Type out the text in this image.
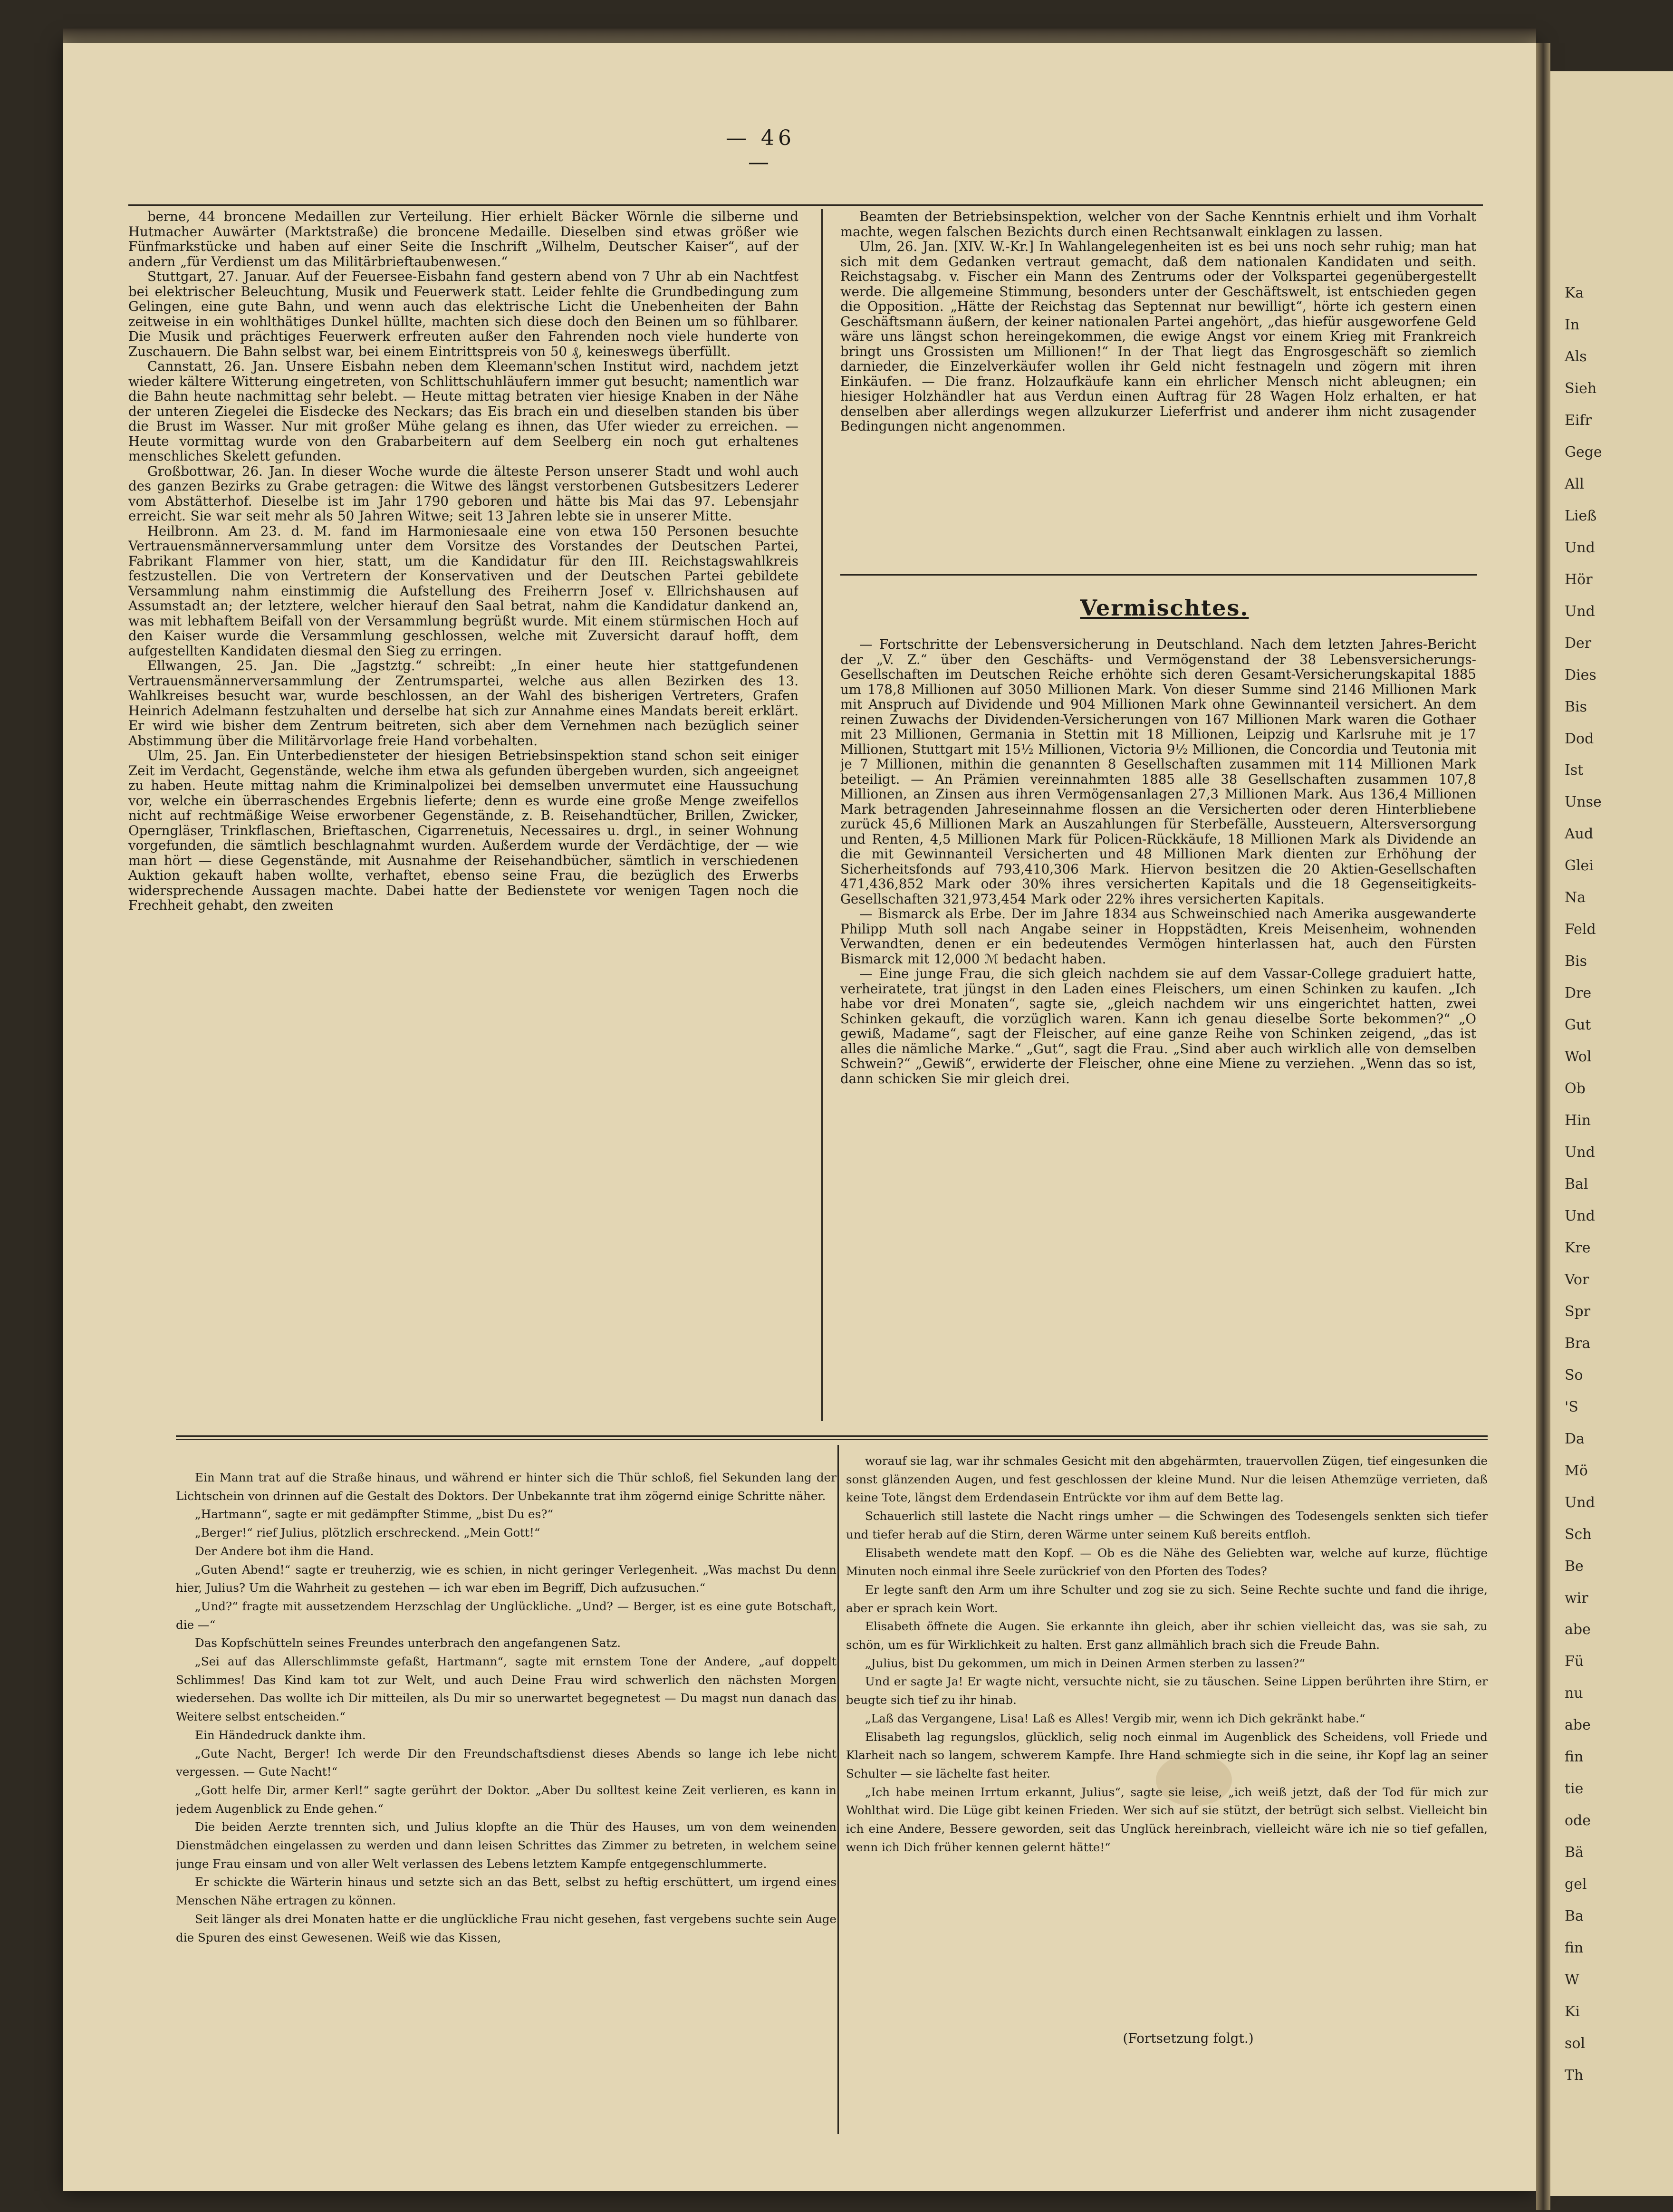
— 46 —

berne, 44 broncene Medaillen zur Verteilung. Hier erhielt Bäcker Wörnle die silberne und Hutmacher Auwärter (Marktstraße) die broncene Medaille. Dieselben sind etwas größer wie Fünfmarkstücke und haben auf einer Seite die Inschrift „Wilhelm, Deutscher Kaiser“, auf der andern „für Verdienst um das Militärbrieftaubenwesen.“

Stuttgart, 27. Januar. Auf der Feuersee-Eisbahn fand gestern abend von 7 Uhr ab ein Nachtfest bei elektrischer Beleuchtung, Musik und Feuerwerk statt. Leider fehlte die Grundbedingung zum Gelingen, eine gute Bahn, und wenn auch das elektrische Licht die Unebenheiten der Bahn zeitweise in ein wohlthätiges Dunkel hüllte, machten sich diese doch den Beinen um so fühlbarer. Die Musik und prächtiges Feuerwerk erfreuten außer den Fahrenden noch viele hunderte von Zuschauern. Die Bahn selbst war, bei einem Eintrittspreis von 50 ₰, keineswegs überfüllt.

Cannstatt, 26. Jan. Unsere Eisbahn neben dem Kleemann'schen Institut wird, nachdem jetzt wieder kältere Witterung eingetreten, von Schlittschuhläufern immer gut besucht; namentlich war die Bahn heute nachmittag sehr belebt. — Heute mittag betraten vier hiesige Knaben in der Nähe der unteren Ziegelei die Eisdecke des Neckars; das Eis brach ein und dieselben standen bis über die Brust im Wasser. Nur mit großer Mühe gelang es ihnen, das Ufer wieder zu erreichen. — Heute vormittag wurde von den Grabarbeitern auf dem Seelberg ein noch gut erhaltenes menschliches Skelett gefunden.

Großbottwar, 26. Jan. In dieser Woche wurde die älteste Person unserer Stadt und wohl auch des ganzen Bezirks zu Grabe getragen: die Witwe des längst verstorbenen Gutsbesitzers Lederer vom Abstätterhof. Dieselbe ist im Jahr 1790 geboren und hätte bis Mai das 97. Lebensjahr erreicht. Sie war seit mehr als 50 Jahren Witwe; seit 13 Jahren lebte sie in unserer Mitte.

Heilbronn. Am 23. d. M. fand im Harmoniesaale eine von etwa 150 Personen besuchte Vertrauensmännerversammlung unter dem Vorsitze des Vorstandes der Deutschen Partei, Fabrikant Flammer von hier, statt, um die Kandidatur für den III. Reichstagswahlkreis festzustellen. Die von Vertretern der Konservativen und der Deutschen Partei gebildete Versammlung nahm einstimmig die Aufstellung des Freiherrn Josef v. Ellrichshausen auf Assumstadt an; der letztere, welcher hierauf den Saal betrat, nahm die Kandidatur dankend an, was mit lebhaftem Beifall von der Versammlung begrüßt wurde. Mit einem stürmischen Hoch auf den Kaiser wurde die Versammlung geschlossen, welche mit Zuversicht darauf hofft, dem aufgestellten Kandidaten diesmal den Sieg zu erringen.

Ellwangen, 25. Jan. Die „Jagstztg.“ schreibt: „In einer heute hier stattgefundenen Vertrauensmännerversammlung der Zentrumspartei, welche aus allen Bezirken des 13. Wahlkreises besucht war, wurde beschlossen, an der Wahl des bisherigen Vertreters, Grafen Heinrich Adelmann festzuhalten und derselbe hat sich zur Annahme eines Mandats bereit erklärt. Er wird wie bisher dem Zentrum beitreten, sich aber dem Vernehmen nach bezüglich seiner Abstimmung über die Militärvorlage freie Hand vorbehalten.

Ulm, 25. Jan. Ein Unterbediensteter der hiesigen Betriebsinspektion stand schon seit einiger Zeit im Verdacht, Gegenstände, welche ihm etwa als gefunden übergeben wurden, sich angeeignet zu haben. Heute mittag nahm die Kriminalpolizei bei demselben unvermutet eine Haussuchung vor, welche ein überraschendes Ergebnis lieferte; denn es wurde eine große Menge zweifellos nicht auf rechtmäßige Weise erworbener Gegenstände, z. B. Reisehandtücher, Brillen, Zwicker, Operngläser, Trinkflaschen, Brieftaschen, Cigarrenetuis, Necessaires u. drgl., in seiner Wohnung vorgefunden, die sämtlich beschlagnahmt wurden. Außerdem wurde der Verdächtige, der — wie man hört — diese Gegenstände, mit Ausnahme der Reisehandbücher, sämtlich in verschiedenen Auktion gekauft haben wollte, verhaftet, ebenso seine Frau, die bezüglich des Erwerbs widersprechende Aussagen machte. Dabei hatte der Bedienstete vor wenigen Tagen noch die Frechheit gehabt, den zweiten

Beamten der Betriebsinspektion, welcher von der Sache Kenntnis erhielt und ihm Vorhalt machte, wegen falschen Bezichts durch einen Rechtsanwalt einklagen zu lassen.

Ulm, 26. Jan. [XIV. W.-Kr.] In Wahlangelegenheiten ist es bei uns noch sehr ruhig; man hat sich mit dem Gedanken vertraut gemacht, daß dem nationalen Kandidaten und seith. Reichstagsabg. v. Fischer ein Mann des Zentrums oder der Volkspartei gegenübergestellt werde. Die allgemeine Stimmung, besonders unter der Geschäftswelt, ist entschieden gegen die Opposition. „Hätte der Reichstag das Septennat nur bewilligt“, hörte ich gestern einen Geschäftsmann äußern, der keiner nationalen Partei angehört, „das hiefür ausgeworfene Geld wäre uns längst schon hereingekommen, die ewige Angst vor einem Krieg mit Frankreich bringt uns Grossisten um Millionen!“ In der That liegt das Engrosgeschäft so ziemlich darnieder, die Einzelverkäufer wollen ihr Geld nicht festnageln und zögern mit ihren Einkäufen. — Die franz. Holzaufkäufe kann ein ehrlicher Mensch nicht ableugnen; ein hiesiger Holzhändler hat aus Verdun einen Auftrag für 28 Wagen Holz erhalten, er hat denselben aber allerdings wegen allzukurzer Lieferfrist und anderer ihm nicht zusagender Bedingungen nicht angenommen.

Vermischtes.

— Fortschritte der Lebensversicherung in Deutschland. Nach dem letzten Jahres-Bericht der „V. Z.“ über den Geschäfts- und Vermögenstand der 38 Lebensversicherungs-Gesellschaften im Deutschen Reiche erhöhte sich deren Gesamt-Versicherungskapital 1885 um 178,8 Millionen auf 3050 Millionen Mark. Von dieser Summe sind 2146 Millionen Mark mit Anspruch auf Dividende und 904 Millionen Mark ohne Gewinnanteil versichert. An dem reinen Zuwachs der Dividenden-Versicherungen von 167 Millionen Mark waren die Gothaer mit 23 Millionen, Germania in Stettin mit 18 Millionen, Leipzig und Karlsruhe mit je 17 Millionen, Stuttgart mit 15½ Millionen, Victoria 9½ Millionen, die Concordia und Teutonia mit je 7 Millionen, mithin die genannten 8 Gesellschaften zusammen mit 114 Millionen Mark beteiligt. — An Prämien vereinnahmten 1885 alle 38 Gesellschaften zusammen 107,8 Millionen, an Zinsen aus ihren Vermögensanlagen 27,3 Millionen Mark. Aus 136,4 Millionen Mark betragenden Jahreseinnahme flossen an die Versicherten oder deren Hinterbliebene zurück 45,6 Millionen Mark an Auszahlungen für Sterbefälle, Aussteuern, Altersversorgung und Renten, 4,5 Millionen Mark für Policen-Rückkäufe, 18 Millionen Mark als Dividende an die mit Gewinnanteil Versicherten und 48 Millionen Mark dienten zur Erhöhung der Sicherheitsfonds auf 793,410,306 Mark. Hiervon besitzen die 20 Aktien-Gesellschaften 471,436,852 Mark oder 30% ihres versicherten Kapitals und die 18 Gegenseitigkeits-Gesellschaften 321,973,454 Mark oder 22% ihres versicherten Kapitals.

— Bismarck als Erbe. Der im Jahre 1834 aus Schweinschied nach Amerika ausgewanderte Philipp Muth soll nach Angabe seiner in Hoppstädten, Kreis Meisenheim, wohnenden Verwandten, denen er ein bedeutendes Vermögen hinterlassen hat, auch den Fürsten Bismarck mit 12,000 ℳ bedacht haben.

— Eine junge Frau, die sich gleich nachdem sie auf dem Vassar-College graduiert hatte, verheiratete, trat jüngst in den Laden eines Fleischers, um einen Schinken zu kaufen. „Ich habe vor drei Monaten“, sagte sie, „gleich nachdem wir uns eingerichtet hatten, zwei Schinken gekauft, die vorzüglich waren. Kann ich genau dieselbe Sorte bekommen?“ „O gewiß, Madame“, sagt der Fleischer, auf eine ganze Reihe von Schinken zeigend, „das ist alles die nämliche Marke.“ „Gut“, sagt die Frau. „Sind aber auch wirklich alle von demselben Schwein?“ „Gewiß“, erwiderte der Fleischer, ohne eine Miene zu verziehen. „Wenn das so ist, dann schicken Sie mir gleich drei.

Ein Mann trat auf die Straße hinaus, und während er hinter sich die Thür schloß, fiel Sekunden lang der Lichtschein von drinnen auf die Gestalt des Doktors. Der Unbekannte trat ihm zögernd einige Schritte näher.

„Hartmann“, sagte er mit gedämpfter Stimme, „bist Du es?“

„Berger!“ rief Julius, plötzlich erschreckend. „Mein Gott!“

Der Andere bot ihm die Hand.

„Guten Abend!“ sagte er treuherzig, wie es schien, in nicht geringer Verlegenheit. „Was machst Du denn hier, Julius? Um die Wahrheit zu gestehen — ich war eben im Begriff, Dich aufzusuchen.“

„Und?“ fragte mit aussetzendem Herzschlag der Unglückliche. „Und? — Berger, ist es eine gute Botschaft, die —“

Das Kopfschütteln seines Freundes unterbrach den angefangenen Satz.

„Sei auf das Allerschlimmste gefaßt, Hartmann“, sagte mit ernstem Tone der Andere, „auf doppelt Schlimmes! Das Kind kam tot zur Welt, und auch Deine Frau wird schwerlich den nächsten Morgen wiedersehen. Das wollte ich Dir mitteilen, als Du mir so unerwartet begegnetest — Du magst nun danach das Weitere selbst entscheiden.“

Ein Händedruck dankte ihm.

„Gute Nacht, Berger! Ich werde Dir den Freundschaftsdienst dieses Abends so lange ich lebe nicht vergessen. — Gute Nacht!“

„Gott helfe Dir, armer Kerl!“ sagte gerührt der Doktor. „Aber Du solltest keine Zeit verlieren, es kann in jedem Augenblick zu Ende gehen.“

Die beiden Aerzte trennten sich, und Julius klopfte an die Thür des Hauses, um von dem weinenden Dienstmädchen eingelassen zu werden und dann leisen Schrittes das Zimmer zu betreten, in welchem seine junge Frau einsam und von aller Welt verlassen des Lebens letztem Kampfe entgegenschlummerte.

Er schickte die Wärterin hinaus und setzte sich an das Bett, selbst zu heftig erschüttert, um irgend eines Menschen Nähe ertragen zu können.

Seit länger als drei Monaten hatte er die unglückliche Frau nicht gesehen, fast vergebens suchte sein Auge die Spuren des einst Gewesenen. Weiß wie das Kissen,

worauf sie lag, war ihr schmales Gesicht mit den abgehärmten, trauervollen Zügen, tief eingesunken die sonst glänzenden Augen, und fest geschlossen der kleine Mund. Nur die leisen Athemzüge verrieten, daß keine Tote, längst dem Erdendasein Entrückte vor ihm auf dem Bette lag.

Schauerlich still lastete die Nacht rings umher — die Schwingen des Todesengels senkten sich tiefer und tiefer herab auf die Stirn, deren Wärme unter seinem Kuß bereits entfloh.

Elisabeth wendete matt den Kopf. — Ob es die Nähe des Geliebten war, welche auf kurze, flüchtige Minuten noch einmal ihre Seele zurückrief von den Pforten des Todes?

Er legte sanft den Arm um ihre Schulter und zog sie zu sich. Seine Rechte suchte und fand die ihrige, aber er sprach kein Wort.

Elisabeth öffnete die Augen. Sie erkannte ihn gleich, aber ihr schien vielleicht das, was sie sah, zu schön, um es für Wirklichkeit zu halten. Erst ganz allmählich brach sich die Freude Bahn.

„Julius, bist Du gekommen, um mich in Deinen Armen sterben zu lassen?“

Und er sagte Ja! Er wagte nicht, versuchte nicht, sie zu täuschen. Seine Lippen berührten ihre Stirn, er beugte sich tief zu ihr hinab.

„Laß das Vergangene, Lisa! Laß es Alles! Vergib mir, wenn ich Dich gekränkt habe.“

Elisabeth lag regungslos, glücklich, selig noch einmal im Augenblick des Scheidens, voll Friede und Klarheit nach so langem, schwerem Kampfe. Ihre Hand schmiegte sich in die seine, ihr Kopf lag an seiner Schulter — sie lächelte fast heiter.

„Ich habe meinen Irrtum erkannt, Julius“, sagte sie leise, „ich weiß jetzt, daß der Tod für mich zur Wohlthat wird. Die Lüge gibt keinen Frieden. Wer sich auf sie stützt, der betrügt sich selbst. Vielleicht bin ich eine Andere, Bessere geworden, seit das Unglück hereinbrach, vielleicht wäre ich nie so tief gefallen, wenn ich Dich früher kennen gelernt hätte!“

(Fortsetzung folgt.)
Ka
In
Als
Sieh
Eifr
Gege
All
Ließ
Und
Hör
Und
Der
Dies
Bis
Dod
Ist
Unse
Aud
Glei
Na
Feld
Bis
Dre
Gut
Wol
Ob
Hin
Und
Bal
Und
Kre
Vor
Spr
Bra
So
'S
Da
Mö
Und
Sch
Be
wir
abe
Fü
nu
abe
fin
tie
ode
Bä
gel
Ba
fin
W
Ki
sol
Th
